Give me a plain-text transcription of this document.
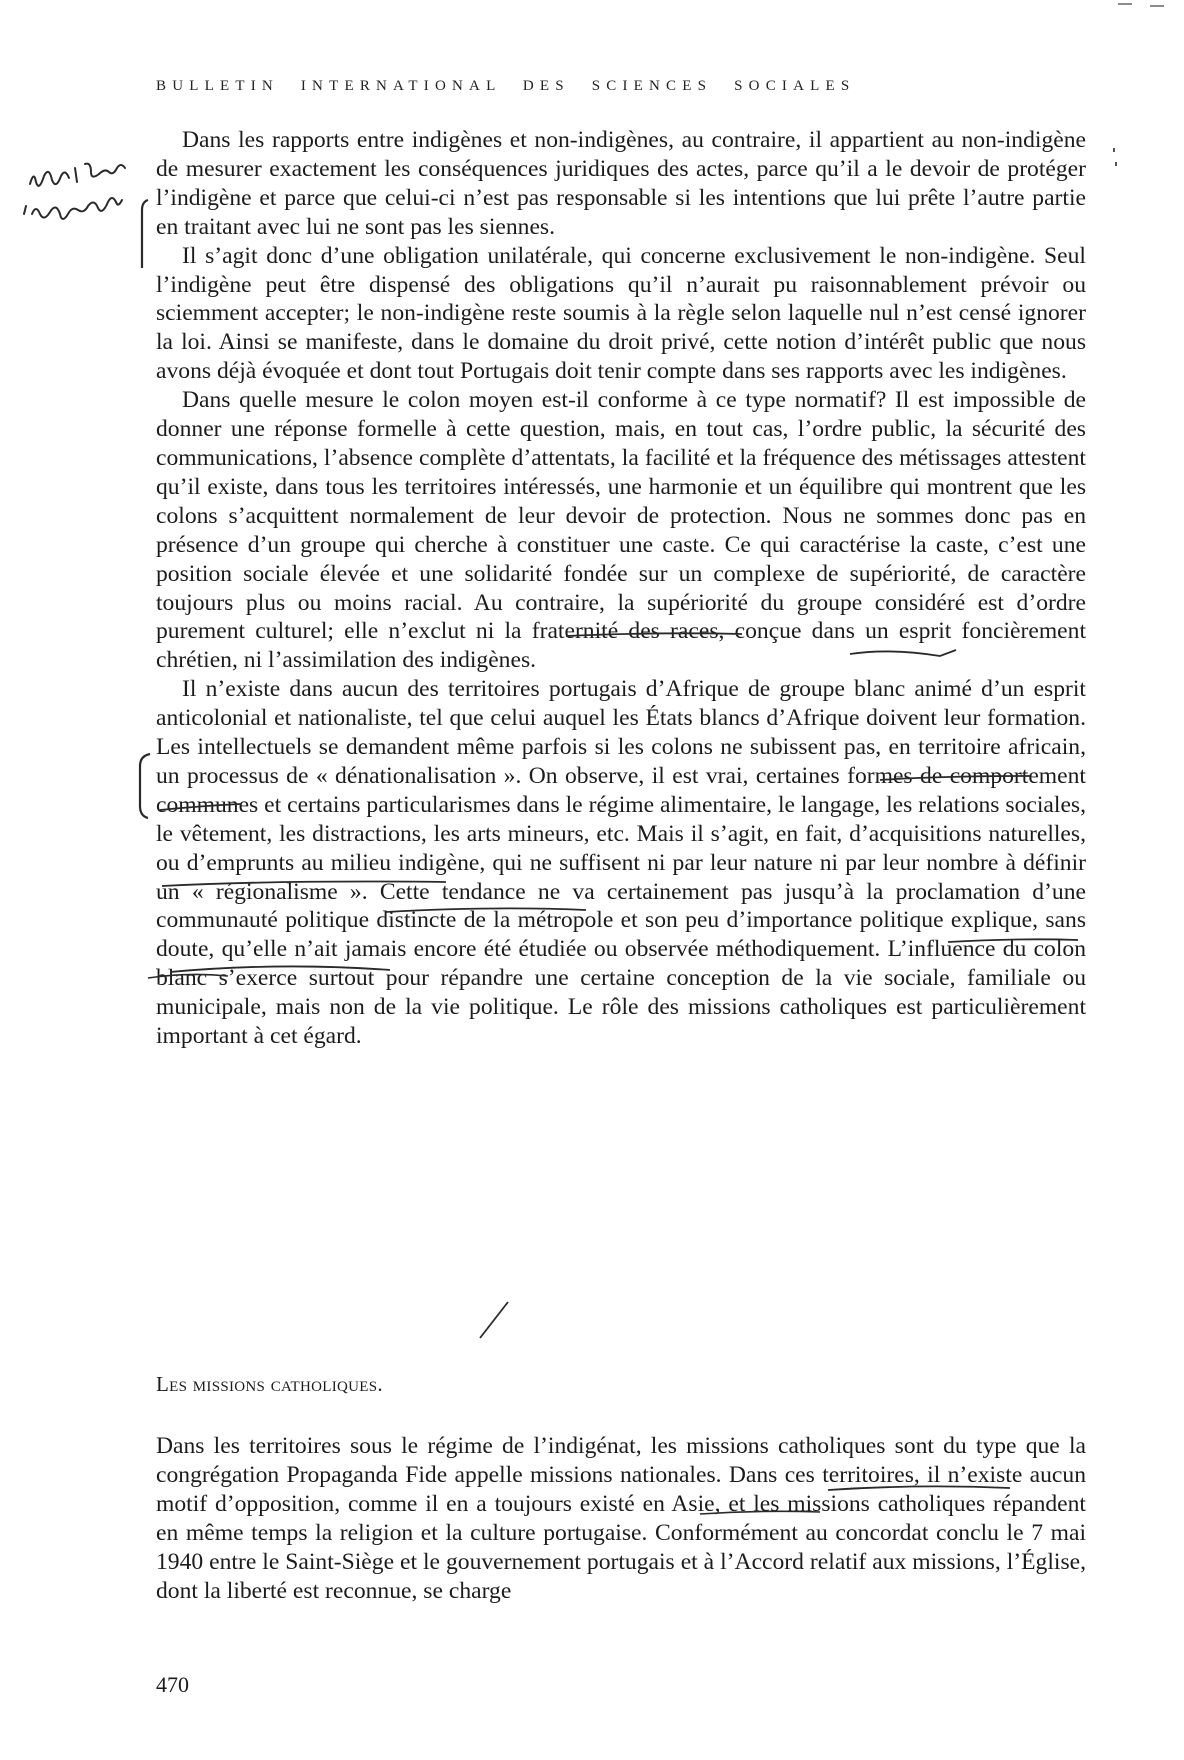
BULLETIN INTERNATIONAL DES SCIENCES SOCIALES

Dans les rapports entre indigènes et non-indigènes, au contraire, il appartient au non-indigène de mesurer exactement les conséquences juridiques des actes, parce qu’il a le devoir de protéger l’indigène et parce que celui-ci n’est pas responsable si les intentions que lui prête l’autre partie en traitant avec lui ne sont pas les siennes.

Il s’agit donc d’une obligation unilatérale, qui concerne exclusivement le non-indigène. Seul l’indigène peut être dispensé des obligations qu’il n’aurait pu raisonnablement prévoir ou sciemment accepter; le non-indigène reste soumis à la règle selon laquelle nul n’est censé ignorer la loi. Ainsi se manifeste, dans le domaine du droit privé, cette notion d’intérêt public que nous avons déjà évoquée et dont tout Portugais doit tenir compte dans ses rapports avec les indigènes.

Dans quelle mesure le colon moyen est-il conforme à ce type normatif? Il est impossible de donner une réponse formelle à cette question, mais, en tout cas, l’ordre public, la sécurité des communications, l’absence complète d’attentats, la facilité et la fréquence des métissages attestent qu’il existe, dans tous les territoires intéressés, une harmonie et un équilibre qui montrent que les colons s’acquittent normalement de leur devoir de protection. Nous ne sommes donc pas en présence d’un groupe qui cherche à constituer une caste. Ce qui caractérise la caste, c’est une position sociale élevée et une solidarité fondée sur un complexe de supériorité, de caractère toujours plus ou moins racial. Au contraire, la supériorité du groupe considéré est d’ordre purement culturel; elle n’exclut ni la fraternité des races, conçue dans un esprit foncièrement chrétien, ni l’assimilation des indigènes.

Il n’existe dans aucun des territoires portugais d’Afrique de groupe blanc animé d’un esprit anticolonial et nationaliste, tel que celui auquel les États blancs d’Afrique doivent leur formation. Les intellectuels se demandent même parfois si les colons ne subissent pas, en territoire africain, un processus de « dénationalisation ». On observe, il est vrai, certaines formes de comportement communes et certains particularismes dans le régime alimentaire, le langage, les relations sociales, le vêtement, les distractions, les arts mineurs, etc. Mais il s’agit, en fait, d’acquisitions naturelles, ou d’emprunts au milieu indigène, qui ne suffisent ni par leur nature ni par leur nombre à définir un « régionalisme ». Cette tendance ne va certainement pas jusqu’à la proclamation d’une communauté politique distincte de la métropole et son peu d’importance politique explique, sans doute, qu’elle n’ait jamais encore été étudiée ou observée méthodiquement. L’influence du colon blanc s’exerce surtout pour répandre une certaine conception de la vie sociale, familiale ou municipale, mais non de la vie politique. Le rôle des missions catholiques est particulièrement important à cet égard.

Les missions catholiques.

Dans les territoires sous le régime de l’indigénat, les missions catholiques sont du type que la congrégation Propaganda Fide appelle missions nationales. Dans ces territoires, il n’existe aucun motif d’opposition, comme il en a toujours existé en Asie, et les missions catholiques répandent en même temps la religion et la culture portugaise. Conformément au concordat conclu le 7 mai 1940 entre le Saint-Siège et le gouvernement portugais et à l’Accord relatif aux missions, l’Église, dont la liberté est reconnue, se charge

470
